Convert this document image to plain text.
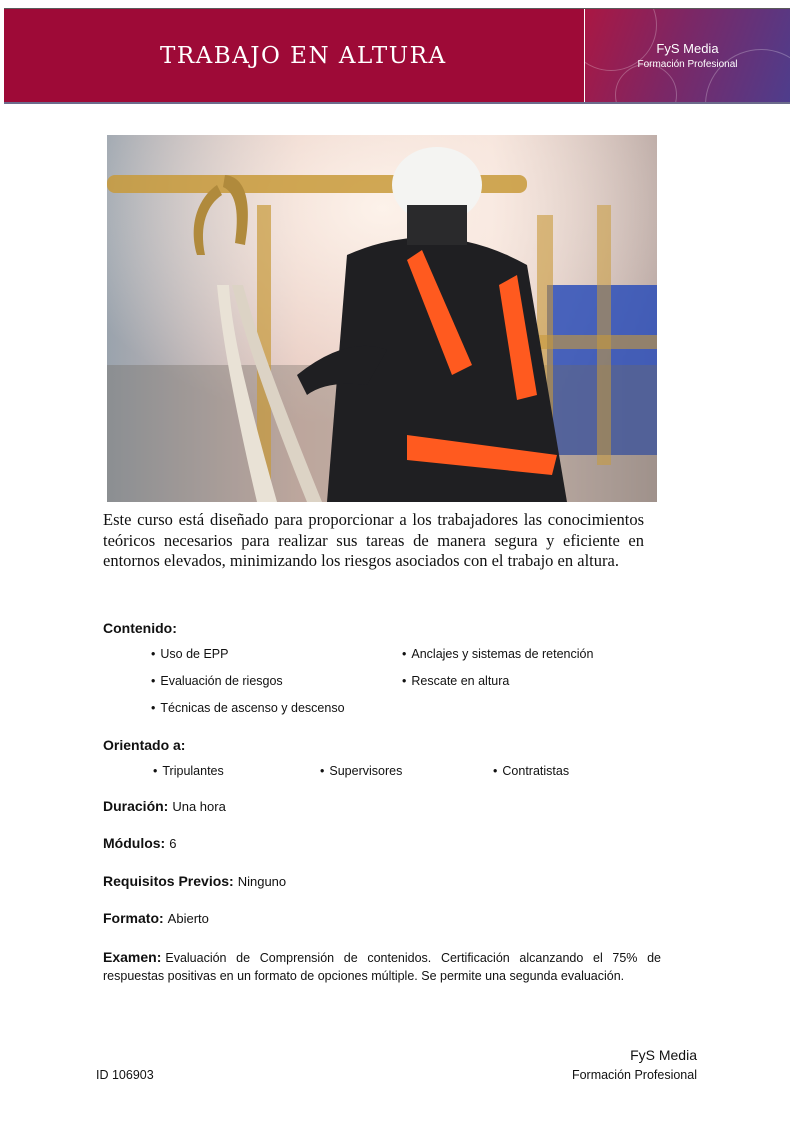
TRABAJO EN ALTURA	FyS Media
Formación Profesional
Este curso está diseñado para proporcionar a los trabajadores las conocimientos teóricos necesarios para realizar sus tareas de manera segura y eficiente en entornos elevados, minimizando los riesgos asociados con el trabajo en altura.
Contenido:
• Uso de EPP	• Anclajes y sistemas de retención
• Evaluación de riesgos	• Rescate en altura
• Técnicas de ascenso y descenso
Orientado a:
• Tripulantes	• Supervisores	• Contratistas
Duración: Una hora
Módulos: 6
Requisitos Previos: Ninguno
Formato: Abierto
Examen: Evaluación de Comprensión de contenidos. Certificación alcanzando el 75% de respuestas positivas en un formato de opciones múltiple. Se permite una segunda evaluación.
ID 106903
FyS Media
Formación Profesional
